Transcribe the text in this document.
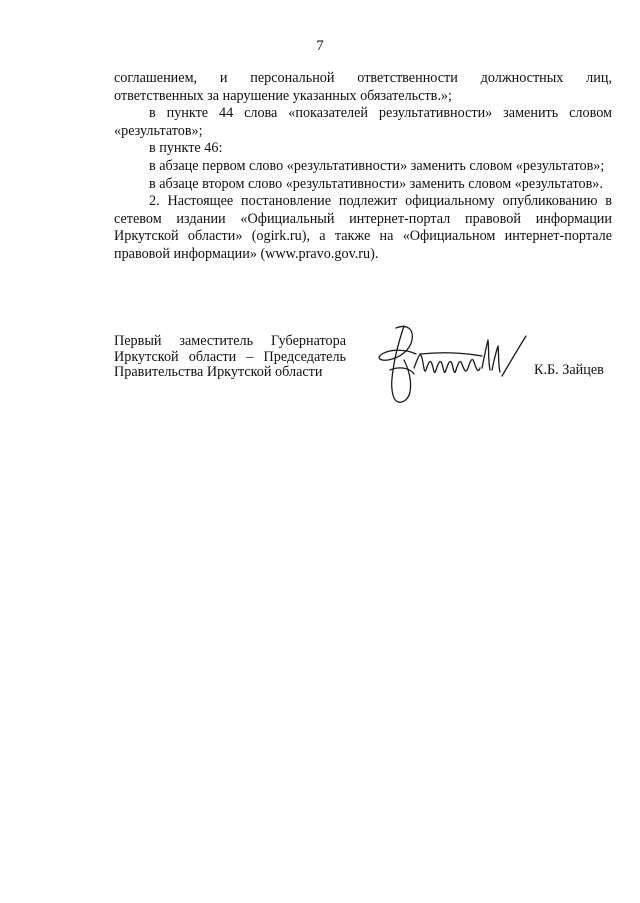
7

соглашением, и персональной ответственности должностных лиц,
ответственных за нарушение указанных обязательств.»;

в пункте 44 слова «показателей результативности» заменить словом «результатов»;

в пункте 46:

в абзаце первом слово «результативности» заменить словом «результатов»;

в абзаце втором слово «результативности» заменить словом «результатов».

2. Настоящее постановление подлежит официальному опубликованию в сетевом издании «Официальный интернет-портал правовой информации Иркутской области» (ogirk.ru), а также на «Официальном интернет-портале правовой информации» (www.pravo.gov.ru).

Первый заместитель Губернатора
Иркутской области – Председатель
Правительства Иркутской области	К.Б. Зайцев
